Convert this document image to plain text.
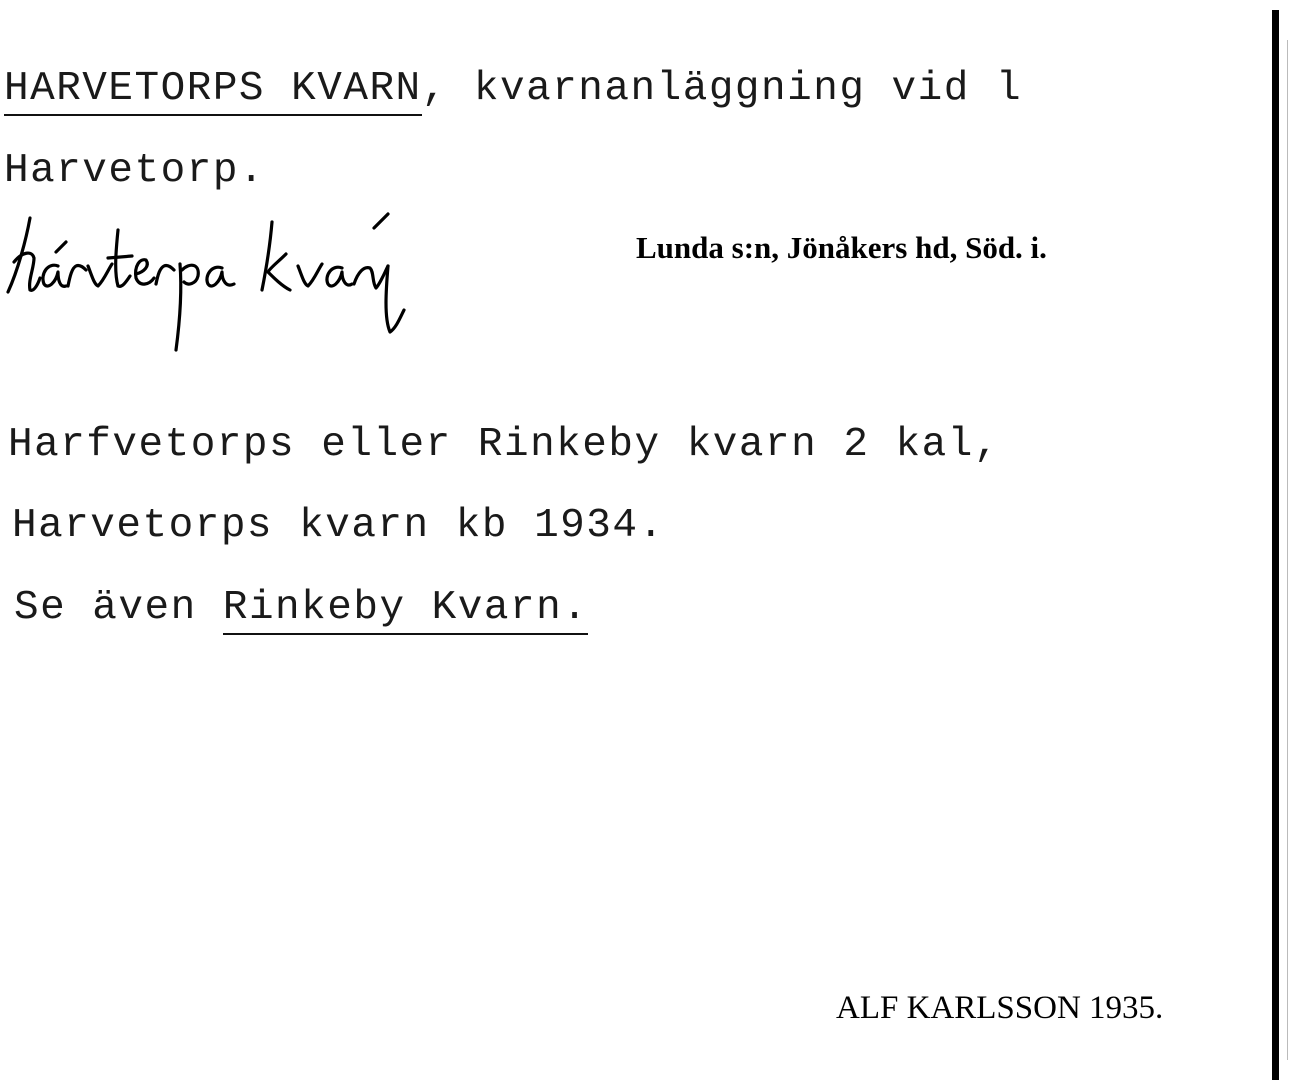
HARVETORPS KVARN, kvarnanläggning vid l
Harvetorp.
Lunda s:n, Jönåkers hd, Söd. i.
Harfvetorps eller Rinkeby kvarn 2 kal,
Harvetorps kvarn kb 1934.
Se även Rinkeby Kvarn.
ALF KARLSSON 1935.
